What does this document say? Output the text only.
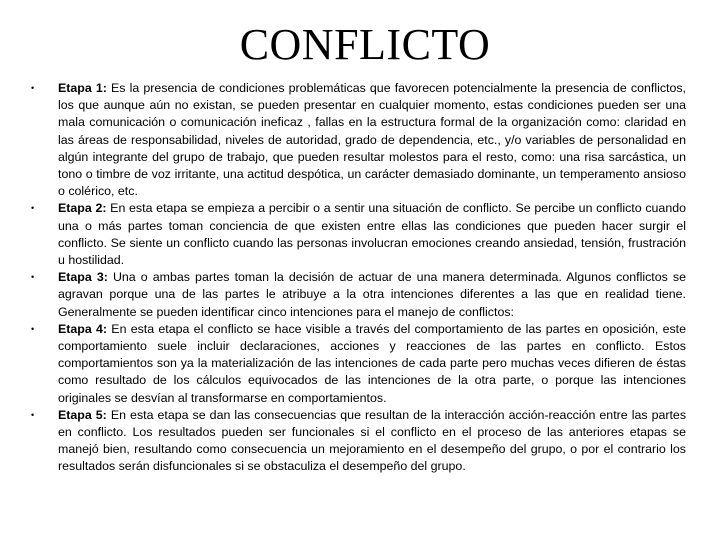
CONFLICTO
• Etapa 1: Es la presencia de condiciones problemáticas que favorecen potencialmente la presencia de conflictos, los que aunque aún no existan, se pueden presentar en cualquier momento, estas condiciones pueden ser una mala comunicación o comunicación ineficaz , fallas en la estructura formal de la organización como: claridad en las áreas de responsabilidad, niveles de autoridad, grado de dependencia, etc., y/o variables de personalidad en algún integrante del grupo de trabajo, que pueden resultar molestos para el resto, como: una risa sarcástica, un tono o timbre de voz irritante, una actitud despótica, un carácter demasiado dominante, un temperamento ansioso o colérico, etc.
• Etapa 2: En esta etapa se empieza a percibir o a sentir una situación de conflicto. Se percibe un conflicto cuando una o más partes toman conciencia de que existen entre ellas las condiciones que pueden hacer surgir el conflicto. Se siente un conflicto cuando las personas involucran emociones creando ansiedad, tensión, frustración u hostilidad.
• Etapa 3: Una o ambas partes toman la decisión de actuar de una manera determinada. Algunos conflictos se agravan porque una de las partes le atribuye a la otra intenciones diferentes a las que en realidad tiene. Generalmente se pueden identificar cinco intenciones para el manejo de conflictos:
• Etapa 4: En esta etapa el conflicto se hace visible a través del comportamiento de las partes en oposición, este comportamiento suele incluir declaraciones, acciones y reacciones de las partes en conflicto. Estos comportamientos son ya la materialización de las intenciones de cada parte pero muchas veces difieren de éstas como resultado de los cálculos equivocados de las intenciones de la otra parte, o porque las intenciones originales se desvían al transformarse en comportamientos.
• Etapa 5: En esta etapa se dan las consecuencias que resultan de la interacción acción-reacción entre las partes en conflicto. Los resultados pueden ser funcionales si el conflicto en el proceso de las anteriores etapas se manejó bien, resultando como consecuencia un mejoramiento en el desempeño del grupo, o por el contrario los resultados serán disfuncionales si se obstaculiza el desempeño del grupo.
